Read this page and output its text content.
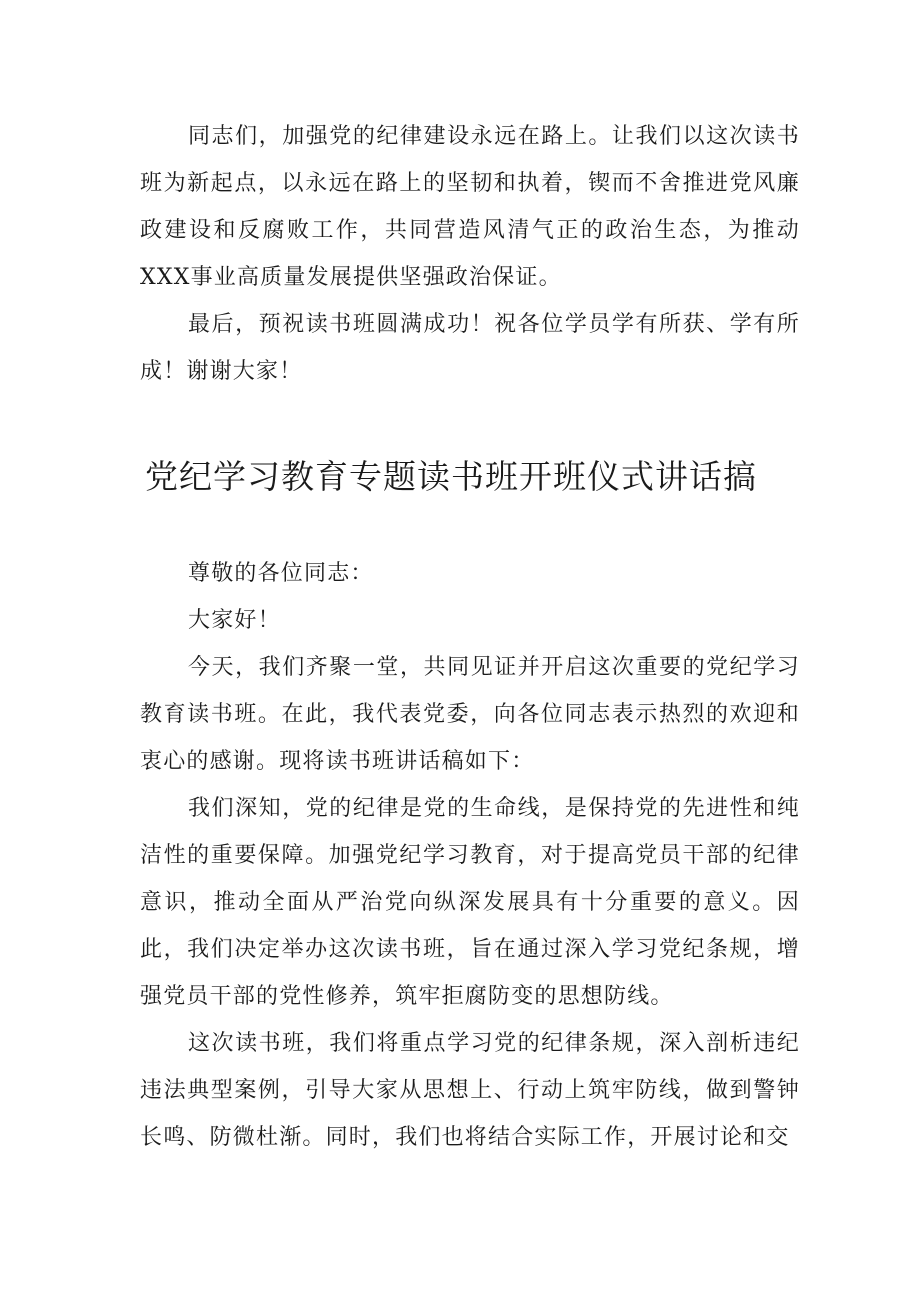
同志们，加强党的纪律建设永远在路上。让我们以这次读书班为新起点，以永远在路上的坚韧和执着，锲而不舍推进党风廉政建设和反腐败工作，共同营造风清气正的政治生态，为推动XXX事业高质量发展提供坚强政治保证。

最后，预祝读书班圆满成功！祝各位学员学有所获、学有所成！谢谢大家！

党纪学习教育专题读书班开班仪式讲话搞

尊敬的各位同志：

大家好！

今天，我们齐聚一堂，共同见证并开启这次重要的党纪学习教育读书班。在此，我代表党委，向各位同志表示热烈的欢迎和衷心的感谢。现将读书班讲话稿如下：

我们深知，党的纪律是党的生命线，是保持党的先进性和纯洁性的重要保障。加强党纪学习教育，对于提高党员干部的纪律意识，推动全面从严治党向纵深发展具有十分重要的意义。因此，我们决定举办这次读书班，旨在通过深入学习党纪条规，增强党员干部的党性修养，筑牢拒腐防变的思想防线。

这次读书班，我们将重点学习党的纪律条规，深入剖析违纪违法典型案例，引导大家从思想上、行动上筑牢防线，做到警钟长鸣、防微杜渐。同时，我们也将结合实际工作，开展讨论和交
